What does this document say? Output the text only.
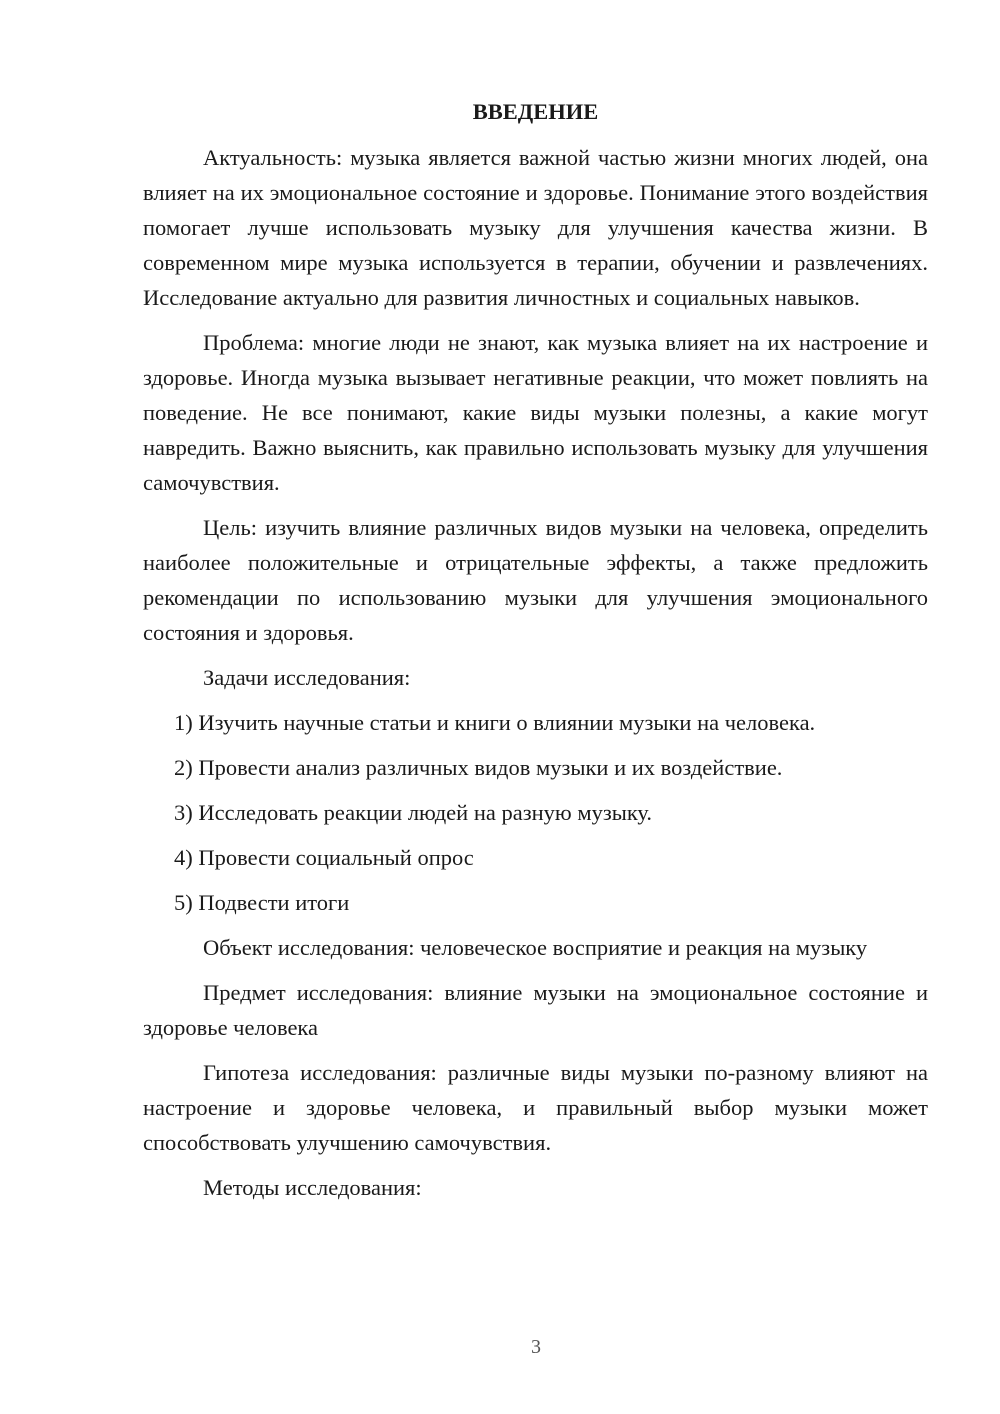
ВВЕДЕНИЕ
Актуальность: музыка является важной частью жизни многих людей, она влияет на их эмоциональное состояние и здоровье. Понимание этого воздействия помогает лучше использовать музыку для улучшения качества жизни. В современном мире музыка используется в терапии, обучении и развлечениях. Исследование актуально для развития личностных и социальных навыков.
Проблема: многие люди не знают, как музыка влияет на их настроение и здоровье. Иногда музыка вызывает негативные реакции, что может повлиять на поведение. Не все понимают, какие виды музыки полезны, а какие могут навредить. Важно выяснить, как правильно использовать музыку для улучшения самочувствия.
Цель: изучить влияние различных видов музыки на человека, определить наиболее положительные и отрицательные эффекты, а также предложить рекомендации по использованию музыки для улучшения эмоционального состояния и здоровья.
Задачи исследования:
1) Изучить научные статьи и книги о влиянии музыки на человека.
2) Провести анализ различных видов музыки и их воздействие.
3) Исследовать реакции людей на разную музыку.
4) Провести социальный опрос
5) Подвести итоги
Объект исследования: человеческое восприятие и реакция на музыку
Предмет исследования: влияние музыки на эмоциональное состояние и здоровье человека
Гипотеза исследования: различные виды музыки по-разному влияют на настроение и здоровье человека, и правильный выбор музыки может способствовать улучшению самочувствия.
Методы исследования:
3
